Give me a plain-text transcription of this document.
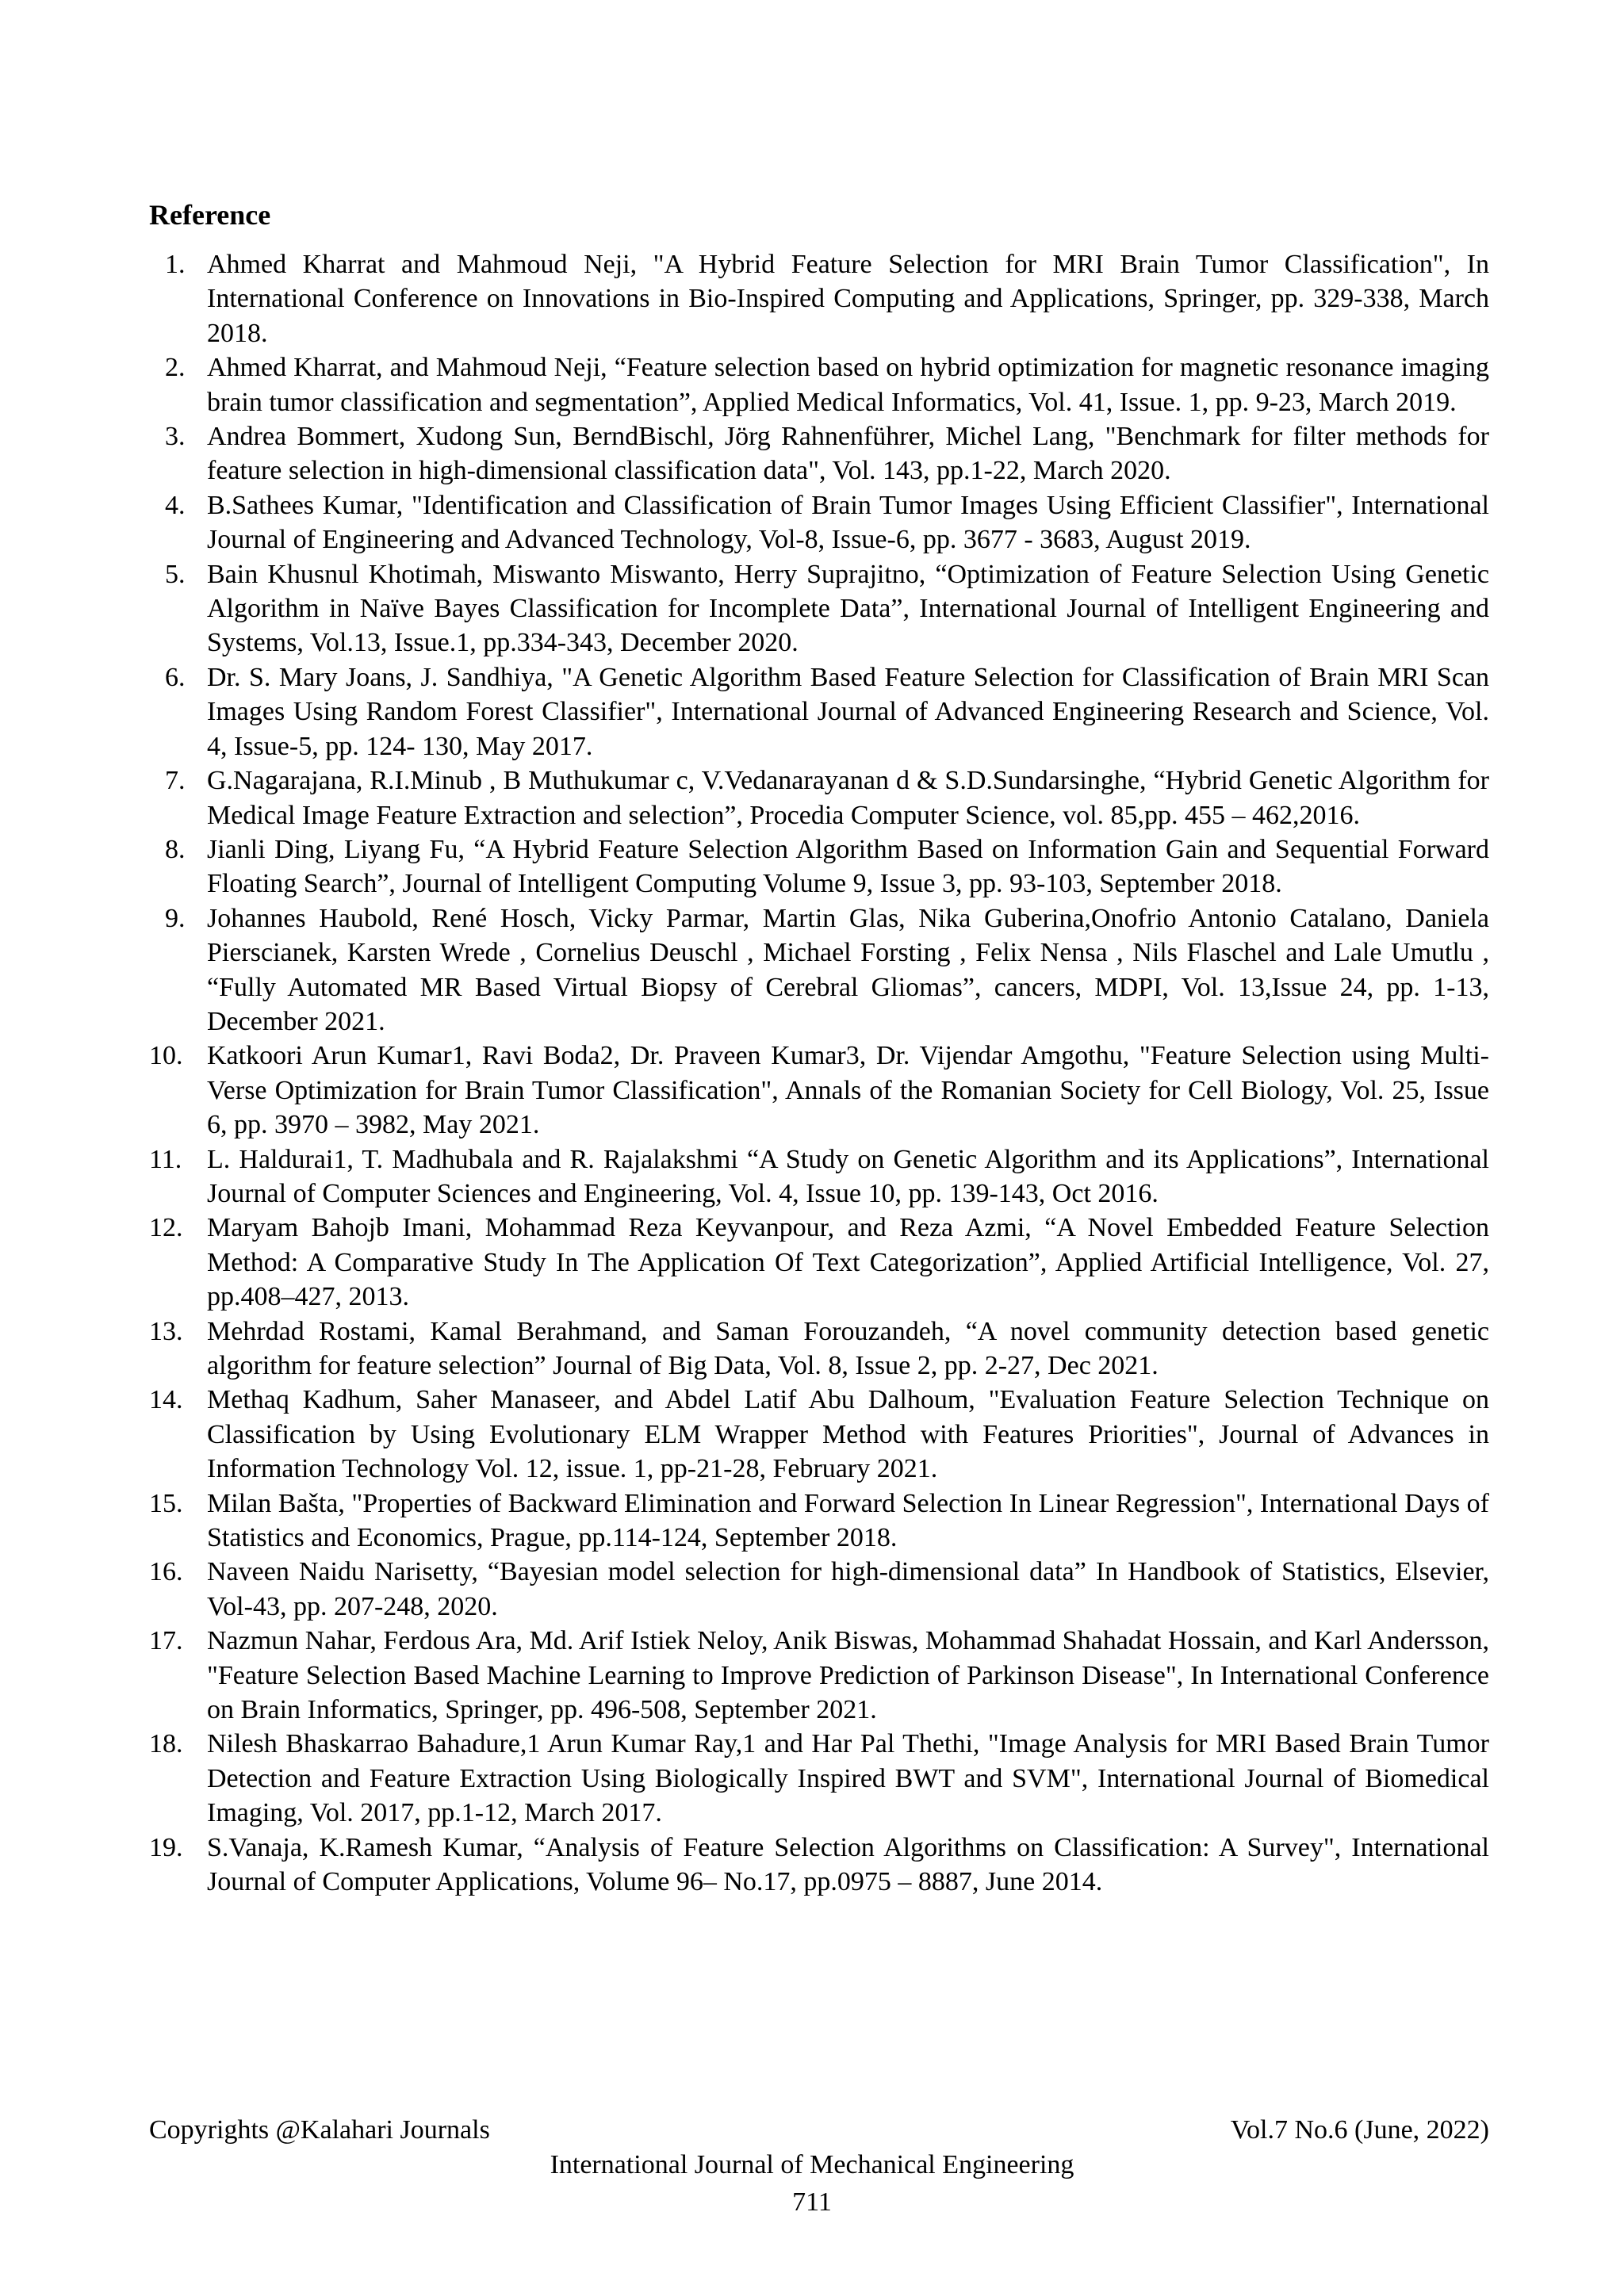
Reference
1. Ahmed Kharrat and Mahmoud Neji, "A Hybrid Feature Selection for MRI Brain Tumor Classification", In International Conference on Innovations in Bio-Inspired Computing and Applications, Springer, pp. 329-338, March 2018.
2. Ahmed Kharrat, and Mahmoud Neji, “Feature selection based on hybrid optimization for magnetic resonance imaging brain tumor classification and segmentation”, Applied Medical Informatics, Vol. 41, Issue. 1, pp. 9-23, March 2019.
3. Andrea Bommert, Xudong Sun, BerndBischl, Jörg Rahnenführer, Michel Lang, "Benchmark for filter methods for feature selection in high-dimensional classification data", Vol. 143, pp.1-22, March 2020.
4. B.Sathees Kumar, "Identification and Classification of Brain Tumor Images Using Efficient Classifier", International Journal of Engineering and Advanced Technology, Vol-8, Issue-6, pp. 3677 - 3683, August 2019.
5. Bain Khusnul Khotimah, Miswanto Miswanto, Herry Suprajitno, “Optimization of Feature Selection Using Genetic Algorithm in Naïve Bayes Classification for Incomplete Data”, International Journal of Intelligent Engineering and Systems, Vol.13, Issue.1, pp.334-343, December 2020.
6. Dr. S. Mary Joans, J. Sandhiya, "A Genetic Algorithm Based Feature Selection for Classification of Brain MRI Scan Images Using Random Forest Classifier", International Journal of Advanced Engineering Research and Science, Vol. 4, Issue-5, pp. 124- 130, May 2017.
7. G.Nagarajana, R.I.Minub , B Muthukumar c, V.Vedanarayanan d & S.D.Sundarsinghe, “Hybrid Genetic Algorithm for Medical Image Feature Extraction and selection”, Procedia Computer Science, vol. 85,pp. 455 – 462,2016.
8. Jianli Ding, Liyang Fu, “A Hybrid Feature Selection Algorithm Based on Information Gain and Sequential Forward Floating Search”, Journal of Intelligent Computing Volume 9, Issue 3, pp. 93-103, September 2018.
9. Johannes Haubold, René Hosch, Vicky Parmar, Martin Glas, Nika Guberina,Onofrio Antonio Catalano, Daniela Pierscianek, Karsten Wrede , Cornelius Deuschl , Michael Forsting , Felix Nensa , Nils Flaschel and Lale Umutlu , “Fully Automated MR Based Virtual Biopsy of Cerebral Gliomas”, cancers, MDPI, Vol. 13,Issue 24, pp. 1-13, December 2021.
10. Katkoori Arun Kumar1, Ravi Boda2, Dr. Praveen Kumar3, Dr. Vijendar Amgothu, "Feature Selection using Multi-Verse Optimization for Brain Tumor Classification", Annals of the Romanian Society for Cell Biology, Vol. 25, Issue 6, pp. 3970 – 3982, May 2021.
11. L. Haldurai1, T. Madhubala and R. Rajalakshmi “A Study on Genetic Algorithm and its Applications”, International Journal of Computer Sciences and Engineering, Vol. 4, Issue 10, pp. 139-143, Oct 2016.
12. Maryam Bahojb Imani, Mohammad Reza Keyvanpour, and Reza Azmi, “A Novel Embedded Feature Selection Method: A Comparative Study In The Application Of Text Categorization”, Applied Artificial Intelligence, Vol. 27, pp.408–427, 2013.
13. Mehrdad Rostami, Kamal Berahmand, and Saman Forouzandeh, “A novel community detection based genetic algorithm for feature selection” Journal of Big Data, Vol. 8, Issue 2, pp. 2-27, Dec 2021.
14. Methaq Kadhum, Saher Manaseer, and Abdel Latif Abu Dalhoum, "Evaluation Feature Selection Technique on Classification by Using Evolutionary ELM Wrapper Method with Features Priorities", Journal of Advances in Information Technology Vol. 12, issue. 1, pp-21-28, February 2021.
15. Milan Bašta, "Properties of Backward Elimination and Forward Selection In Linear Regression", International Days of Statistics and Economics, Prague, pp.114-124, September 2018.
16. Naveen Naidu Narisetty, “Bayesian model selection for high-dimensional data” In Handbook of Statistics, Elsevier, Vol-43, pp. 207-248, 2020.
17. Nazmun Nahar, Ferdous Ara, Md. Arif Istiek Neloy, Anik Biswas, Mohammad Shahadat Hossain, and Karl Andersson, "Feature Selection Based Machine Learning to Improve Prediction of Parkinson Disease", In International Conference on Brain Informatics, Springer, pp. 496-508, September 2021.
18. Nilesh Bhaskarrao Bahadure,1 Arun Kumar Ray,1 and Har Pal Thethi, "Image Analysis for MRI Based Brain Tumor Detection and Feature Extraction Using Biologically Inspired BWT and SVM", International Journal of Biomedical Imaging, Vol. 2017, pp.1-12, March 2017.
19. S.Vanaja, K.Ramesh Kumar, “Analysis of Feature Selection Algorithms on Classification: A Survey", International Journal of Computer Applications, Volume 96– No.17, pp.0975 – 8887, June 2014.
Copyrights @Kalahari Journals	Vol.7 No.6 (June, 2022)
International Journal of Mechanical Engineering
711
